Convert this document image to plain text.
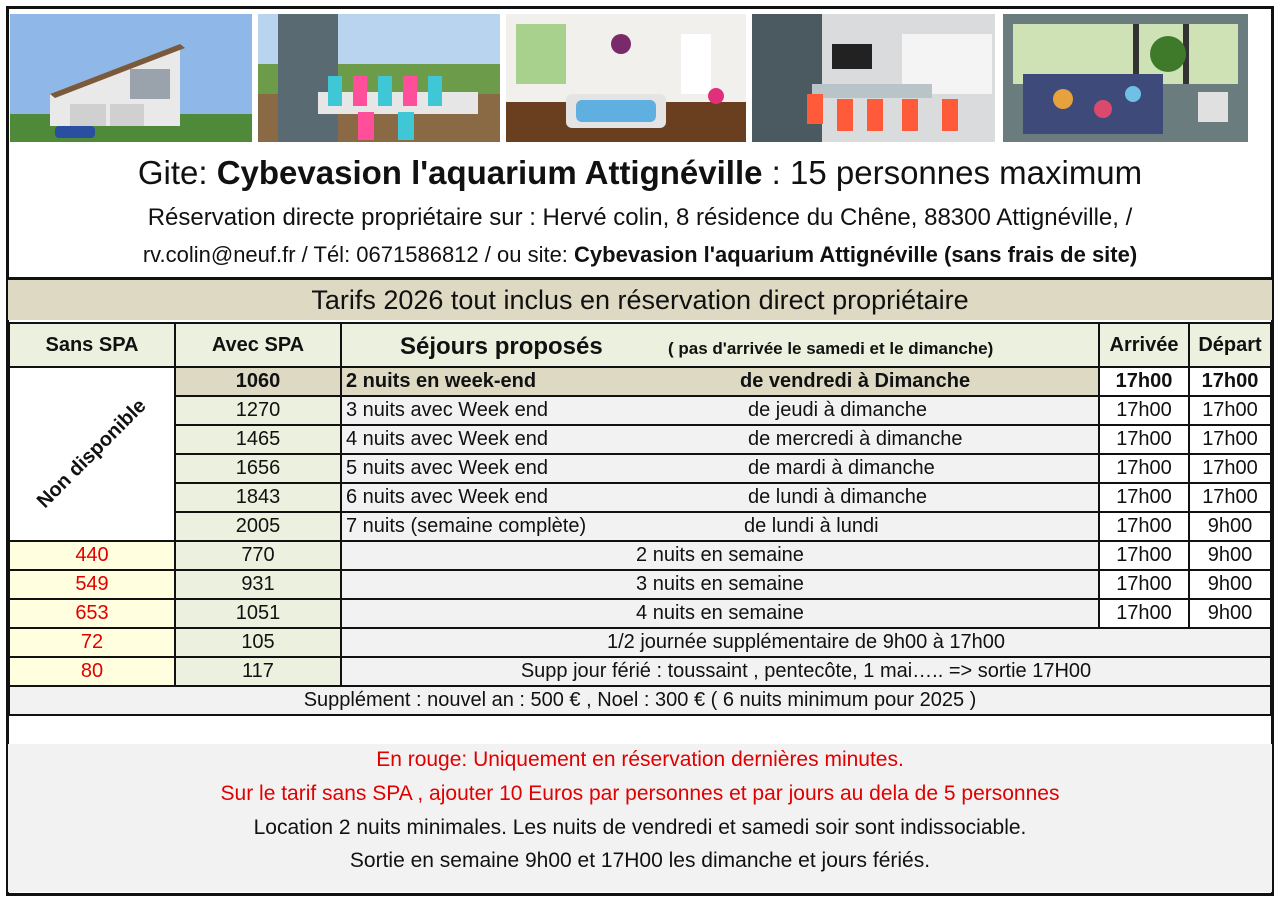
Gite: Cybevasion l'aquarium Attignéville : 15 personnes maximum
Réservation directe propriétaire sur : Hervé colin, 8 résidence du Chêne, 88300 Attignéville, /
rv.colin@neuf.fr / Tél: 0671586812 / ou site: Cybevasion l'aquarium Attignéville (sans frais de site)
Tarifs 2026 tout inclus en réservation direct propriétaire
Sans SPA	Avec SPA	Séjours proposés ( pas d'arrivée le samedi et le dimanche)	Arrivée	Départ

Non disponible	1060	2 nuits en week-end de vendredi à Dimanche	17h00	17h00
	1270	3 nuits avec Week end de jeudi à dimanche	17h00	17h00
	1465	4 nuits avec Week end de mercredi à dimanche	17h00	17h00
	1656	5 nuits avec Week end de mardi à dimanche	17h00	17h00
	1843	6 nuits avec Week end de lundi à dimanche	17h00	17h00
	2005	7 nuits (semaine complète) de lundi à lundi	17h00	9h00
440	770	2 nuits en semaine	17h00	9h00
549	931	3 nuits en semaine	17h00	9h00
653	1051	4 nuits en semaine	17h00	9h00
72	105	1/2 journée supplémentaire de 9h00 à 17h00		
80	117	Supp jour férié : toussaint , pentecôte, 1 mai….. => sortie 17H00		
Supplément : nouvel an : 500 € , Noel : 300 € ( 6 nuits minimum pour 2025 )				
En rouge: Uniquement en réservation dernières minutes.
Sur le tarif sans SPA , ajouter 10 Euros par personnes et par jours au dela de 5 personnes
Location 2 nuits minimales. Les nuits de vendredi et samedi soir sont indissociable.
Sortie en semaine 9h00 et 17H00 les dimanche et jours fériés.
